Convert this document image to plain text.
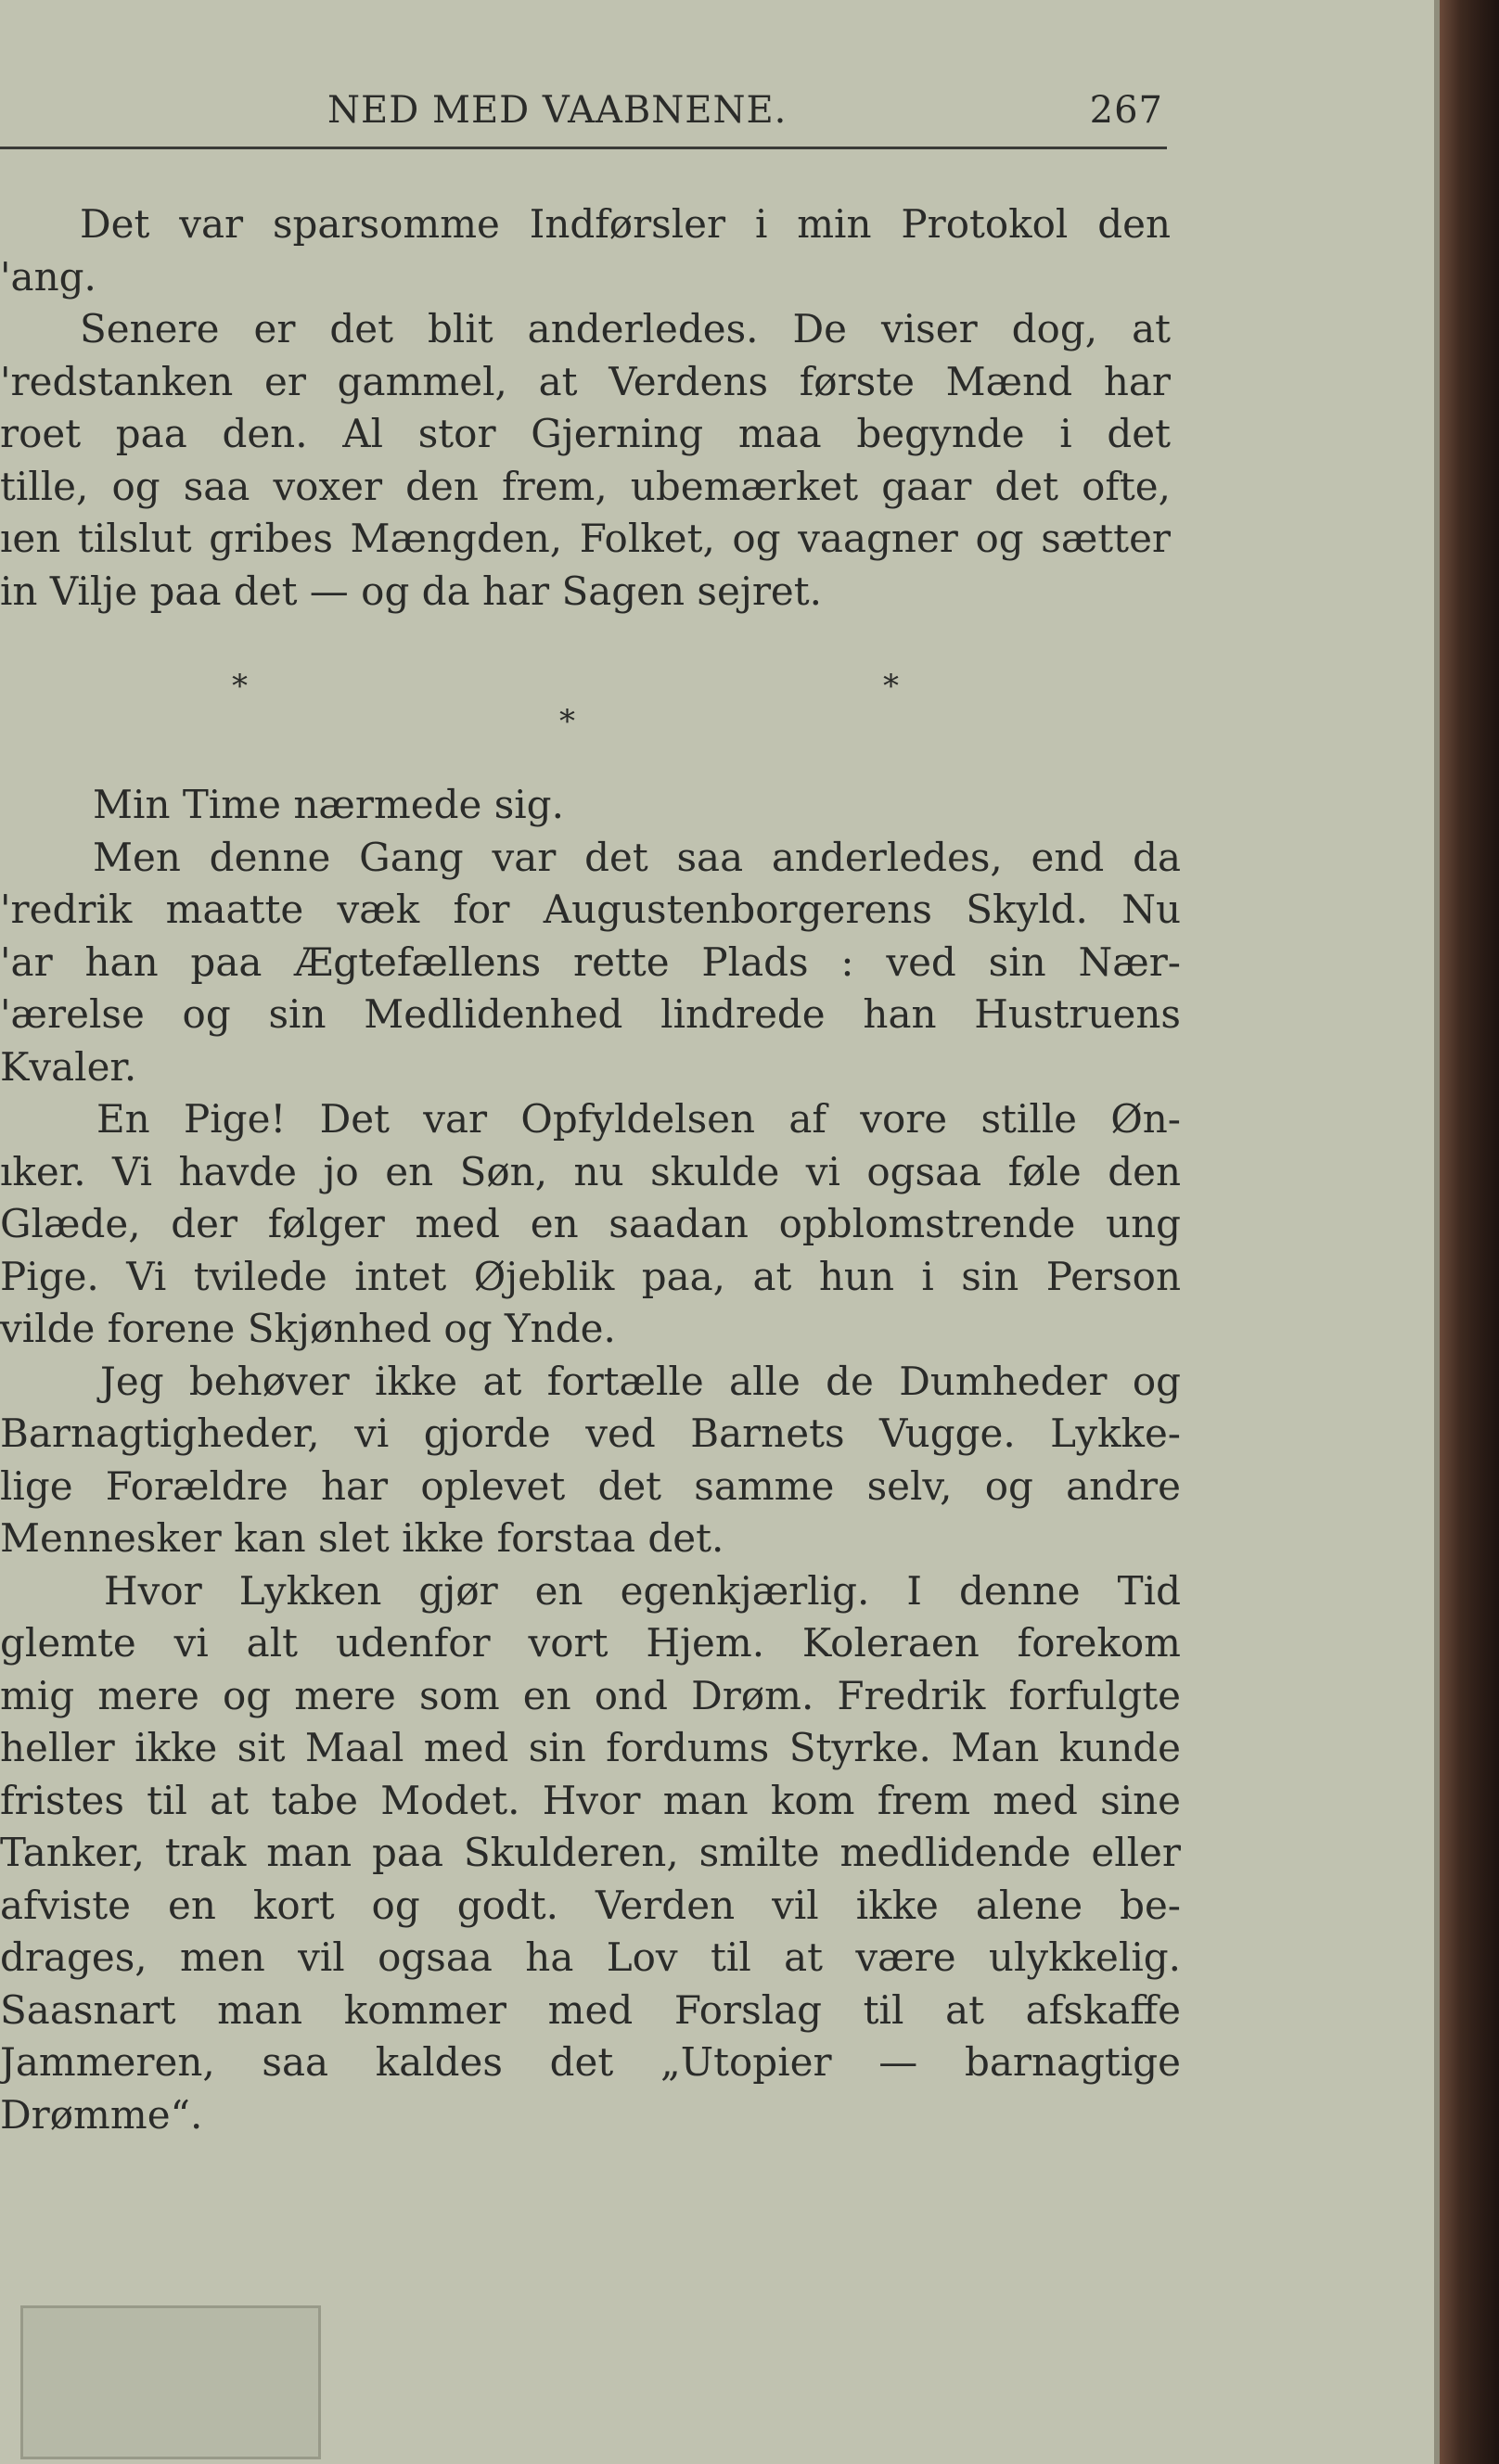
NED MED VAABNENE.	267
Det var sparsomme Indførsler i min Protokol den
'ang.
Senere er det blit anderledes. De viser dog, at
'redstanken er gammel, at Verdens første Mænd har
roet paa den. Al stor Gjerning maa begynde i det
tille, og saa voxer den frem, ubemærket gaar det ofte,
ıen tilslut gribes Mængden, Folket, og vaagner og sætter
in Vilje paa det — og da har Sagen sejret.
*	*
*
Min Time nærmede sig.
Men denne Gang var det saa anderledes, end da
'redrik maatte væk for Augustenborgerens Skyld. Nu
'ar han paa Ægtefællens rette Plads : ved sin Nær-
'ærelse og sin Medlidenhed lindrede han Hustruens
Kvaler.
En Pige! Det var Opfyldelsen af vore stille Øn-
ıker. Vi havde jo en Søn, nu skulde vi ogsaa føle den
Glæde, der følger med en saadan opblomstrende ung
Pige. Vi tvilede intet Øjeblik paa, at hun i sin Person
vilde forene Skjønhed og Ynde.
Jeg behøver ikke at fortælle alle de Dumheder og
Barnagtigheder, vi gjorde ved Barnets Vugge. Lykke-
lige Forældre har oplevet det samme selv, og andre
Mennesker kan slet ikke forstaa det.
Hvor Lykken gjør en egenkjærlig. I denne Tid
glemte vi alt udenfor vort Hjem. Koleraen forekom
mig mere og mere som en ond Drøm. Fredrik forfulgte
heller ikke sit Maal med sin fordums Styrke. Man kunde
fristes til at tabe Modet. Hvor man kom frem med sine
Tanker, trak man paa Skulderen, smilte medlidende eller
afviste en kort og godt. Verden vil ikke alene be-
drages, men vil ogsaa ha Lov til at være ulykkelig.
Saasnart man kommer med Forslag til at afskaffe
Jammeren, saa kaldes det „Utopier — barnagtige
Drømme“.
